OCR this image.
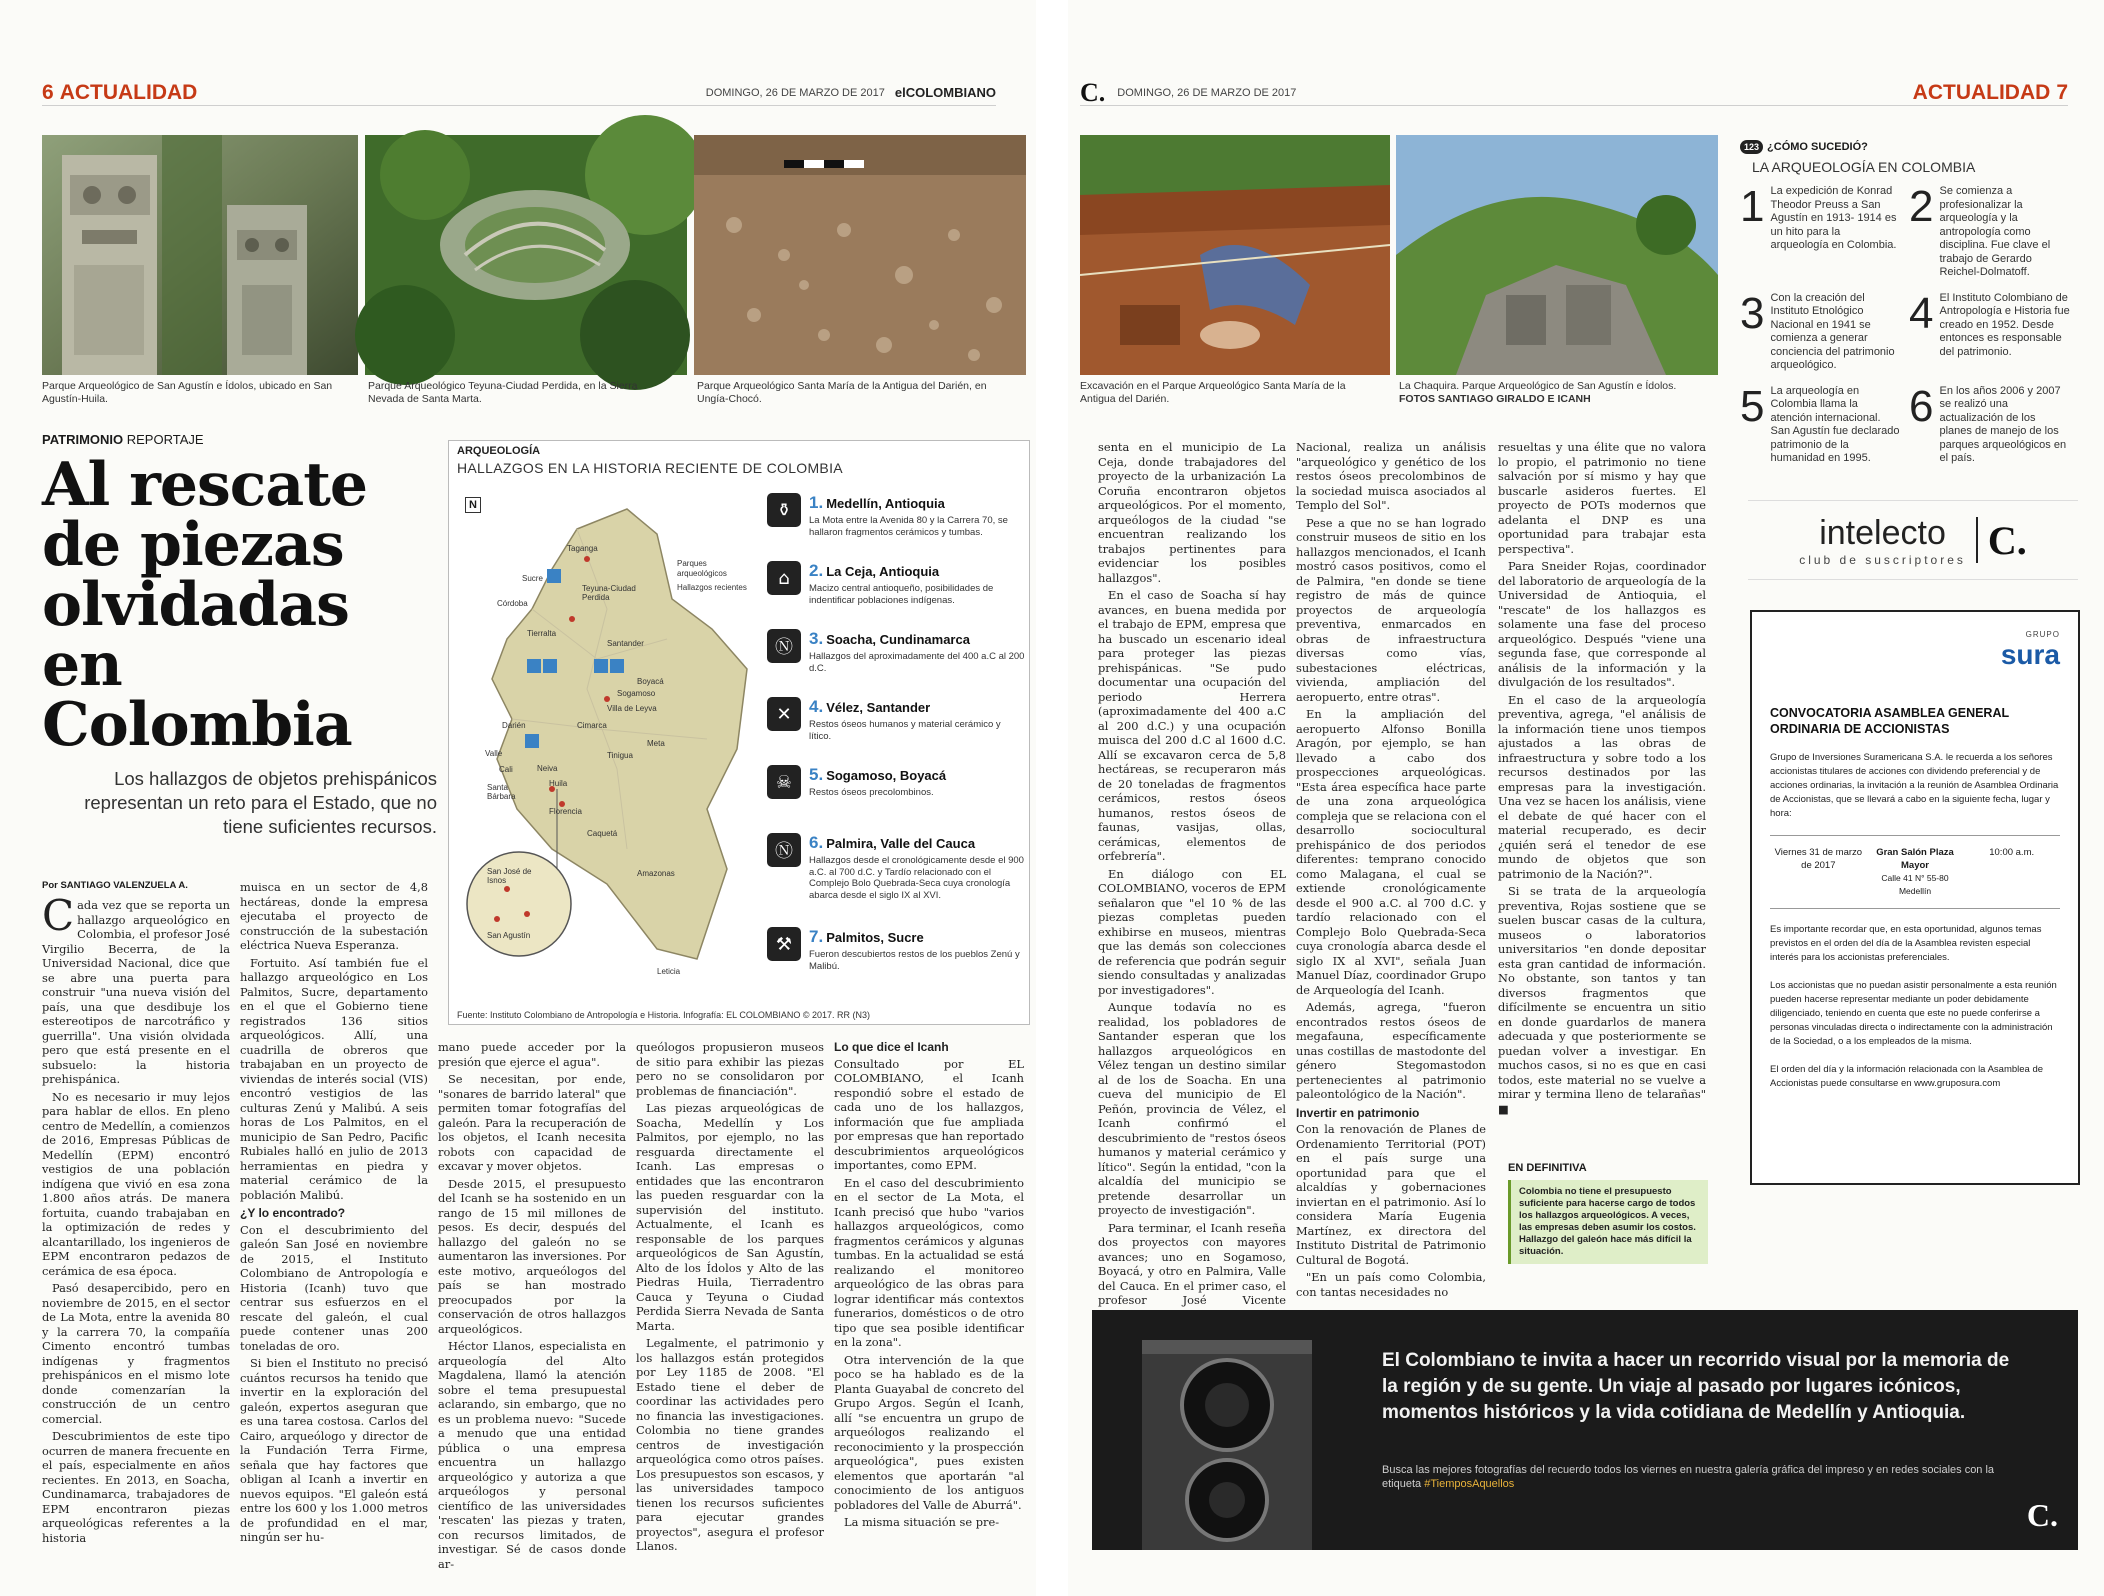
6 ACTUALIDAD	DOMINGO, 26 DE MARZO DE 2017 elCOLOMBIANO
Parque Arqueológico de San Agustín e Ídolos, ubicado en San Agustín-Huila.
Parque Arqueológico Teyuna-Ciudad Perdida, en la Sierra Nevada de Santa Marta.
Parque Arqueológico Santa María de la Antigua del Darién, en Ungía-Chocó.
PATRIMONIO REPORTAJE
Al rescate de piezas olvidadas en Colombia
Los hallazgos de objetos prehispánicos representan un reto para el Estado, que no tiene suficientes recursos.
Por SANTIAGO VALENZUELA A.

Cada vez que se reporta un hallazgo arqueológico en Colombia, el profesor José Virgilio Becerra, de la Universidad Nacional, dice que se abre una puerta para construir "una nueva visión del país, una que desdibuje los estereotipos de narcotráfico y guerrilla". Una visión olvidada pero que está presente en el subsuelo: la historia prehispánica.

No es necesario ir muy lejos para hablar de ellos. En pleno centro de Medellín, a comienzos de 2016, Empresas Públicas de Medellín (EPM) encontró vestigios de una población indígena que vivió en esa zona 1.800 años atrás. De manera fortuita, cuando trabajaban en la optimización de redes y alcantarillado, los ingenieros de EPM encontraron pedazos de cerámica de esa época.

Pasó desapercibido, pero en noviembre de 2015, en el sector de La Mota, entre la avenida 80 y la carrera 70, la compañía Cimento encontró tumbas indígenas y fragmentos prehispánicos en el mismo lote donde comenzarían la construcción de un centro comercial.

Descubrimientos de este tipo ocurren de manera frecuente en el país, especialmente en años recientes. En 2013, en Soacha, Cundinamarca, trabajadores de EPM encontraron piezas arqueológicas referentes a la historia

muisca en un sector de 4,8 hectáreas, donde la empresa ejecutaba el proyecto de construcción de la subestación eléctrica Nueva Esperanza.

Fortuito. Así también fue el hallazgo arqueológico en Los Palmitos, Sucre, departamento en el que el Gobierno tiene registrados 136 sitios arqueológicos. Allí, una cuadrilla de obreros que trabajaban en un proyecto de viviendas de interés social (VIS) encontró vestigios de las culturas Zenú y Malibú. A seis horas de Los Palmitos, en el municipio de San Pedro, Pacific Rubiales halló en julio de 2013 herramientas en piedra y material cerámico de la población Malibú.

¿Y lo encontrado?

Con el descubrimiento del galeón San José en noviembre de 2015, el Instituto Colombiano de Antropología e Historia (Icanh) tuvo que centrar sus esfuerzos en el rescate del galeón, el cual puede contener unas 200 toneladas de oro.

Si bien el Instituto no precisó cuántos recursos ha tenido que invertir en la exploración del galeón, expertos aseguran que es una tarea costosa. Carlos del Cairo, arqueólogo y director de la Fundación Terra Firme, señala que hay factores que obligan al Icanh a invertir en nuevos equipos. "El galeón está entre los 600 y los 1.000 metros de profundidad en el mar, ningún ser hu-

mano puede acceder por la presión que ejerce el agua".

Se necesitan, por ende, "sonares de barrido lateral" que permiten tomar fotografías del galeón. Para la recuperación de los objetos, el Icanh necesita robots con capacidad de excavar y mover objetos.

Desde 2015, el presupuesto del Icanh se ha sostenido en un rango de 15 mil millones de pesos. Es decir, después del hallazgo del galeón no se aumentaron las inversiones. Por este motivo, arqueólogos del país se han mostrado preocupados por la conservación de otros hallazgos arqueológicos.

Héctor Llanos, especialista en arqueología del Alto Magdalena, llamó la atención sobre el tema presupuestal aclarando, sin embargo, que no es un problema nuevo: "Sucede a menudo que una entidad pública o una empresa encuentra un hallazgo arqueológico y autoriza a que arqueólogos y personal científico de las universidades 'rescaten' las piezas y traten, con recursos limitados, de investigar. Sé de casos donde ar-

queólogos propusieron museos de sitio para exhibir las piezas pero no se consolidaron por problemas de financiación".

Las piezas arqueológicas de Soacha, Medellín y Los Palmitos, por ejemplo, no las resguarda directamente el Icanh. Las empresas o entidades que las encontraron las pueden resguardar con la supervisión del instituto. Actualmente, el Icanh es responsable de los parques arqueológicos de San Agustín, Alto de los Ídolos y Alto de las Piedras Huila, Tierradentro Cauca y Teyuna o Ciudad Perdida Sierra Nevada de Santa Marta.

Legalmente, el patrimonio y los hallazgos están protegidos por Ley 1185 de 2008. "El Estado tiene el deber de coordinar las actividades pero no financia las investigaciones. Colombia no tiene grandes centros de investigación arqueológica como otros países. Los presupuestos son escasos, y las universidades tampoco tienen los recursos suficientes para ejecutar grandes proyectos", asegura el profesor Llanos.

Lo que dice el Icanh

Consultado por EL COLOMBIANO, el Icanh respondió sobre el estado de cada uno de los hallazgos, información que fue ampliada por empresas que han reportado descubrimientos arqueológicos importantes, como EPM.

En el caso del descubrimiento en el sector de La Mota, el Icanh precisó que hubo "varios hallazgos arqueológicos, como fragmentos cerámicos y algunas tumbas. En la actualidad se está realizando el monitoreo arqueológico de las obras para lograr identificar más contextos funerarios, domésticos o de otro tipo que sea posible identificar en la zona".

Otra intervención de la que poco se ha hablado es de la Planta Guayabal de concreto del Grupo Argos. Según el Icanh, allí "se encuentra un grupo de arqueólogos realizando el reconocimiento y la prospección arqueológica", pues existen elementos que aportarán "al conocimiento de los antiguos pobladores del Valle de Aburrá".

La misma situación se pre-

ARQUEOLOGÍA
HALLAZGOS EN LA HISTORIA RECIENTE DE COLOMBIA
N
Parques arqueológicos
Hallazgos recientes
Taganga
Sucre
Córdoba
Teyuna-Ciudad Perdida
Tierralta
Santander
Boyacá
Sogamoso
Villa de Leyva
Cimarca
Darién
Valle
Cali
Santa Bárbara
Neiva
Huila
Florencia
Caquetá
Amazonas
Meta
Tinigua
Leticia
San José de Isnos
San Agustín
⚱	1. Medellín, Antioquia
La Mota entre la Avenida 80 y la Carrera 70, se hallaron fragmentos cerámicos y tumbas.
⌂	2. La Ceja, Antioquia
Macizo central antioqueño, posibilidades de indentificar poblaciones indígenas.
Ⓝ 3. Soacha, Cundinamarca
Hallazgos del aproximadamente del 400 a.C al 200 d.C.
✕	4. Vélez, Santander
Restos óseos humanos y material cerámico y lítico.
☠ 5. Sogamoso, Boyacá
Restos óseos precolombinos.
Ⓝ 6. Palmira, Valle del Cauca
Hallazgos desde el cronológicamente desde el 900 a.C. al 700 d.C. y Tardío relacionado con el Complejo Bolo Quebrada-Seca cuya cronología abarca desde el siglo IX al XVI.
⚒ 7. Palmitos, Sucre
Fueron descubiertos restos de los pueblos Zenú y Malibú.
Fuente: Instituto Colombiano de Antropología e Historia. Infografía: EL COLOMBIANO © 2017. RR (N3)
C. DOMINGO, 26 DE MARZO DE 2017	ACTUALIDAD 7
Excavación en el Parque Arqueológico Santa María de la Antigua del Darién.
La Chaquira. Parque Arqueológico de San Agustín e Ídolos. FOTOS SANTIAGO GIRALDO E ICANH

senta en el municipio de La Ceja, donde trabajadores del proyecto de la urbanización La Coruña encontraron objetos arqueológicos. Por el momento, arqueólogos de la ciudad "se encuentran realizando los trabajos pertinentes para evidenciar los posibles hallazgos".

En el caso de Soacha sí hay avances, en buena medida por el trabajo de EPM, empresa que ha buscado un escenario ideal para proteger las piezas prehispánicas. "Se pudo documentar una ocupación del periodo Herrera (aproximadamente del 400 a.C al 200 d.C.) y una ocupación muisca del 200 d.C al 1600 d.C. Allí se excavaron cerca de 5,8 hectáreas, se recuperaron más de 20 toneladas de fragmentos cerámicos, restos óseos humanos, restos óseos de faunas, vasijas, ollas, cerámicas, elementos de orfebrería".

En diálogo con EL COLOMBIANO, voceros de EPM señalaron que "el 10 % de las piezas completas pueden exhibirse en museos, mientras que las demás son colecciones de referencia que podrán seguir siendo consultadas y analizadas por investigadores".

Aunque todavía no es realidad, los pobladores de Santander esperan que los hallazgos arqueológicos en Vélez tengan un destino similar al de los de Soacha. En una cueva del municipio de El Peñón, provincia de Vélez, el Icanh confirmó el descubrimiento de "restos óseos humanos y material cerámico y lítico". Según la entidad, "con la alcaldía del municipio se pretende desarrollar un proyecto de investigación".

Para terminar, el Icanh reseña dos proyectos con mayores avances; uno en Sogamoso, Boyacá, y otro en Palmira, Valle del Cauca. En el primer caso, el profesor José Vicente

Nacional, realiza un análisis "arqueológico y genético de los restos óseos precolombinos de la sociedad muisca asociados al Templo del Sol".

Pese a que no se han logrado construir museos de sitio en los hallazgos mencionados, el Icanh mostró casos positivos, como el de Palmira, "en donde se tiene registro de más de quince proyectos de arqueología preventiva, enmarcados en obras de infraestructura diversas como vías, subestaciones eléctricas, vivienda, ampliación del aeropuerto, entre otras".

En la ampliación del aeropuerto Alfonso Bonilla Aragón, por ejemplo, se han llevado a cabo dos prospecciones arqueológicas. "Esta área específica hace parte de una zona arqueológica compleja que se relaciona con el desarrollo sociocultural prehispánico de dos periodos diferentes: temprano conocido como Malagana, el cual se extiende cronológicamente desde el 900 a.C. al 700 d.C. y tardío relacionado con el Complejo Bolo Quebrada-Seca cuya cronología abarca desde el siglo IX al XVI", señala Juan Manuel Díaz, coordinador Grupo de Arqueología del Icanh.

Además, agrega, "fueron encontrados restos óseos de megafauna, específicamente unas costillas de mastodonte del género Stegomastodon pertenecientes al patrimonio paleontológico de la Nación".

Invertir en patrimonio

Con la renovación de Planes de Ordenamiento Territorial (POT) en el país surge una oportunidad para que el alcaldías y gobernaciones inviertan en el patrimonio. Así lo considera María Eugenia Martínez, ex directora del Instituto Distrital de Patrimonio Cultural de Bogotá.

"En un país como Colombia, con tantas necesidades no

resueltas y una élite que no valora lo propio, el patrimonio no tiene salvación por sí mismo y hay que buscarle asideros fuertes. El proyecto de POTs modernos que adelanta el DNP es una oportunidad para trabajar esta perspectiva".

Para Sneider Rojas, coordinador del laboratorio de arqueología de la Universidad de Antioquia, el "rescate" de los hallazgos es solamente una fase del proceso arqueológico. Después "viene una segunda fase, que corresponde al análisis de la información y la divulgación de los resultados".

En el caso de la arqueología preventiva, agrega, "el análisis de la información tiene unos tiempos ajustados a las obras de infraestructura y sobre todo a los recursos destinados por las empresas para la investigación. Una vez se hacen los análisis, viene el debate de qué hacer con el material recuperado, es decir ¿quién será el tenedor de ese mundo de objetos que son patrimonio de la Nación?".

Si se trata de la arqueología preventiva, Rojas sostiene que se suelen buscar casas de la cultura, museos o laboratorios universitarios "en donde depositar esta gran cantidad de información. No obstante, son tantos y tan diversos fragmentos que difícilmente se encuentra un sitio en donde guardarlos de manera adecuada y que posteriormente se puedan volver a investigar. En muchos casos, si no es que en casi todos, este material no se vuelve a mirar y termina lleno de telarañas" ■

EN DEFINITIVA
Colombia no tiene el presupuesto suficiente para hacerse cargo de todos los hallazgos arqueológicos. A veces, las empresas deben asumir los costos. Hallazgo del galeón hace más difícil la situación.
123 ¿CÓMO SUCEDIÓ?
LA ARQUEOLOGÍA EN COLOMBIA
1 La expedición de Konrad Theodor Preuss a San Agustín en 1913- 1914 es un hito para la arqueología en Colombia.
2 Se comienza a profesionalizar la arqueología y la antropología como disciplina. Fue clave el trabajo de Gerardo Reichel-Dolmatoff.
3 Con la creación del Instituto Etnológico Nacional en 1941 se comienza a generar conciencia del patrimonio arqueológico.
4 El Instituto Colombiano de Antropología e Historia fue creado en 1952. Desde entonces es responsable del patrimonio.
5 La arqueología en Colombia llama la atención internacional. San Agustín fue declarado patrimonio de la humanidad en 1995.
6 En los años 2006 y 2007 se realizó una actualización de los planes de manejo de los parques arqueológicos en el país.
intelecto
club de suscriptores C.
GRUPO
sura
CONVOCATORIA ASAMBLEA GENERAL ORDINARIA DE ACCIONISTAS
Grupo de Inversiones Suramericana S.A. le recuerda a los señores accionistas titulares de acciones con dividendo preferencial y de acciones ordinarias, la invitación a la reunión de Asamblea Ordinaria de Accionistas, que se llevará a cabo en la siguiente fecha, lugar y hora:
Viernes 31 de marzo de 2017
Gran Salón Plaza Mayor
Calle 41 N° 55-80 Medellín
10:00 a.m.
Es importante recordar que, en esta oportunidad, algunos temas previstos en el orden del día de la Asamblea revisten especial interés para los accionistas preferenciales.
Los accionistas que no puedan asistir personalmente a esta reunión pueden hacerse representar mediante un poder debidamente diligenciado, teniendo en cuenta que este no puede conferirse a personas vinculadas directa o indirectamente con la administración de la Sociedad, o a los empleados de la misma.
El orden del día y la información relacionada con la Asamblea de Accionistas puede consultarse en www.gruposura.com
El Colombiano te invita a hacer un recorrido visual por la memoria de la región y de su gente. Un viaje al pasado por lugares icónicos, momentos históricos y la vida cotidiana de Medellín y Antioquia.
Busca las mejores fotografías del recuerdo todos los viernes en nuestra galería gráfica del impreso y en redes sociales con la etiqueta #TiemposAquellos
C.
